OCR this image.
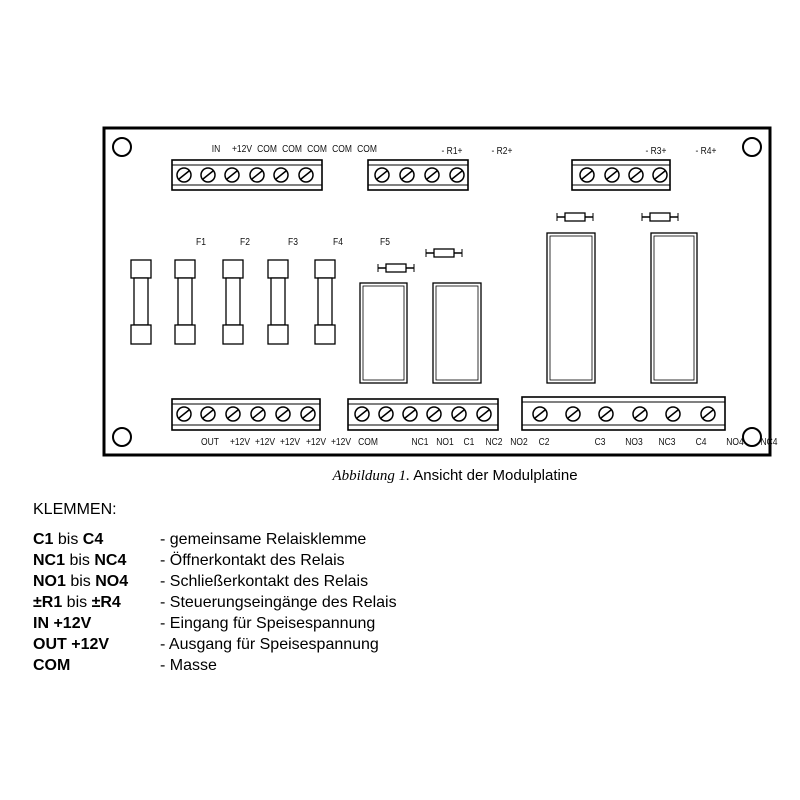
IN +12V COM COM COM COM COM	- R1+	- R2+	- R3+	- R4+
F1	F2	F3	F4	F5
OUT +12V +12V +12V +12V +12V COM	NC1 NO1 C1 NC2 NO2 C2	C3 NO3 NC3 C4 NO4 NC4
Abbildung 1. Ansicht der Modulplatine
KLEMMEN:
C1 bis C4	- gemeinsame Relaisklemme
NC1 bis NC4	- Öffnerkontakt des Relais
NO1 bis NO4	- Schließerkontakt des Relais
±R1 bis ±R4	- Steuerungseingänge des Relais
IN +12V	- Eingang für Speisespannung
OUT +12V	- Ausgang für Speisespannung
COM	- Masse
